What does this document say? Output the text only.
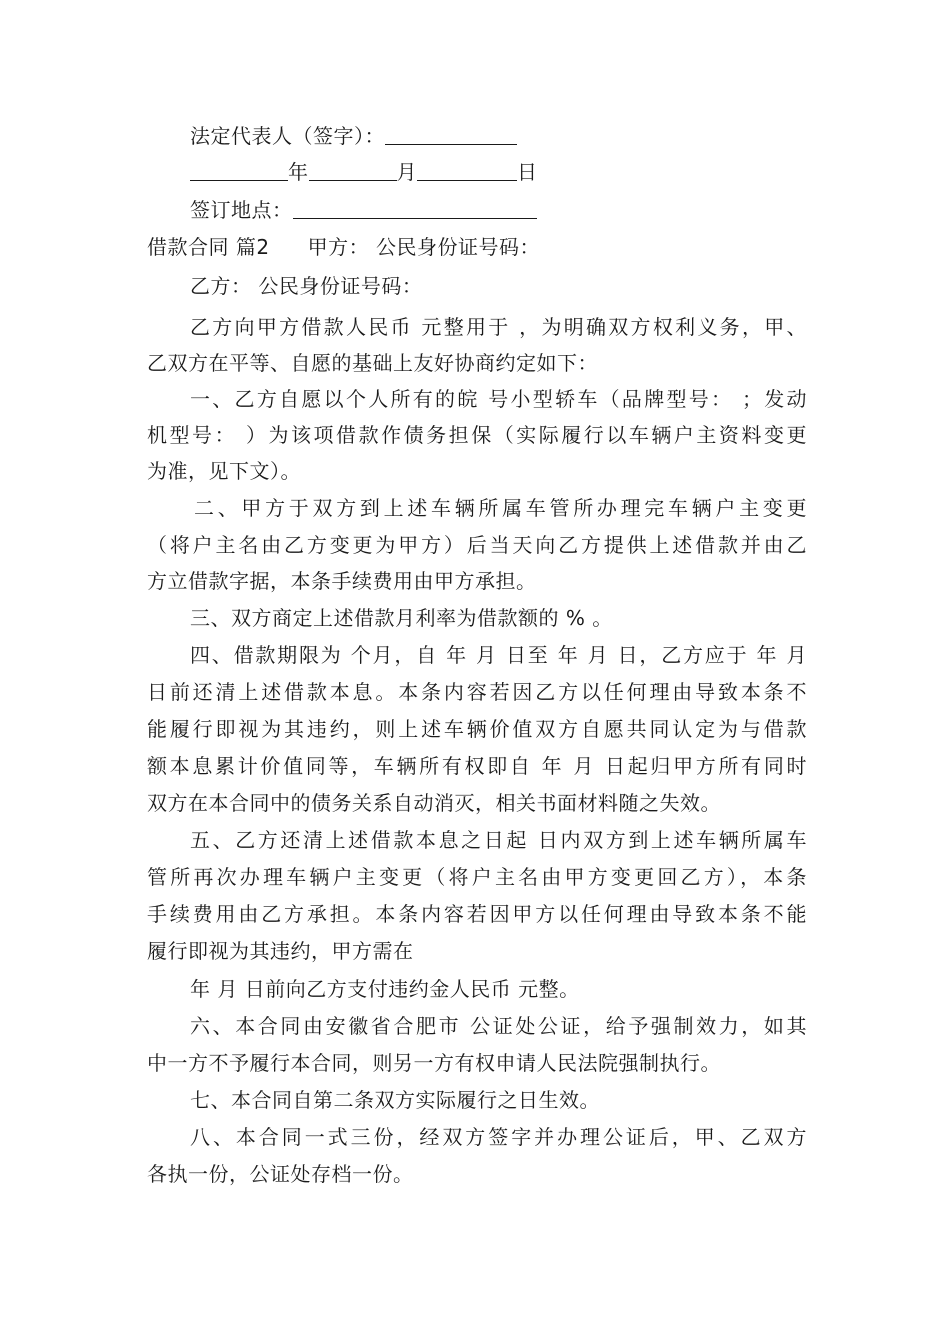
法定代表人（签字）：
年	月	日
签订地点：
借款合同 篇2 甲方： 公民身份证号码：
乙方： 公民身份证号码：
乙方向甲方借款人民币 元整用于 ，为明确双方权利义务，甲、
乙双方在平等、自愿的基础上友好协商约定如下：
一、乙方自愿以个人所有的皖 号小型轿车（品牌型号： ；发动
机型号： ）为该项借款作债务担保（实际履行以车辆户主资料变更
为准，见下文）。
二、甲方于双方到上述车辆所属车管所办理完车辆户主变更
（将户主名由乙方变更为甲方）后当天向乙方提供上述借款并由乙
方立借款字据，本条手续费用由甲方承担。
三、双方商定上述借款月利率为借款额的 % 。
四、借款期限为 个月，自 年 月 日至 年 月 日，乙方应于 年 月
日前还清上述借款本息。本条内容若因乙方以任何理由导致本条不
能履行即视为其违约，则上述车辆价值双方自愿共同认定为与借款
额本息累计价值同等，车辆所有权即自 年 月 日起归甲方所有同时
双方在本合同中的债务关系自动消灭，相关书面材料随之失效。
五、乙方还清上述借款本息之日起 日内双方到上述车辆所属车
管所再次办理车辆户主变更（将户主名由甲方变更回乙方），本条
手续费用由乙方承担。本条内容若因甲方以任何理由导致本条不能
履行即视为其违约，甲方需在
年 月 日前向乙方支付违约金人民币 元整。
六、本合同由安徽省合肥市 公证处公证，给予强制效力，如其
中一方不予履行本合同，则另一方有权申请人民法院强制执行。
七、本合同自第二条双方实际履行之日生效。
八、本合同一式三份，经双方签字并办理公证后，甲、乙双方
各执一份，公证处存档一份。
